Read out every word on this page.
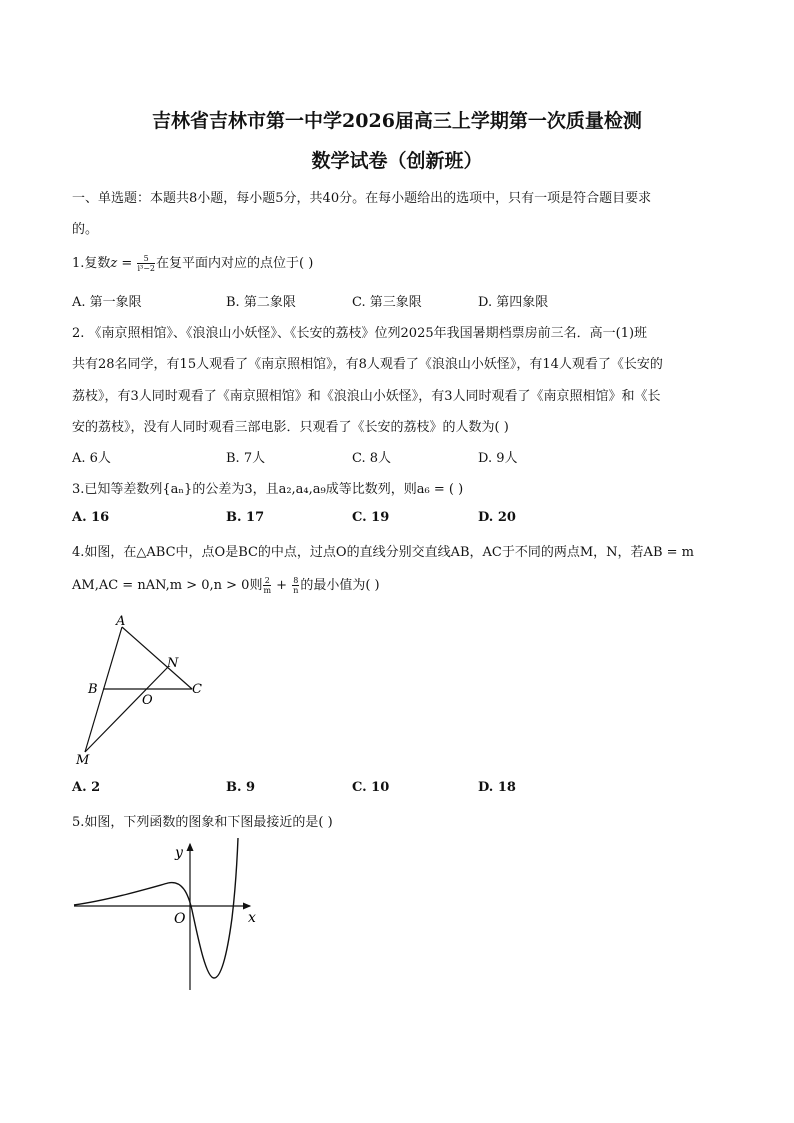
吉林省吉林市第一中学2026届高三上学期第一次质量检测
数学试卷（创新班）
一、单选题：本题共8小题，每小题5分，共40分。在每小题给出的选项中，只有一项是符合题目要求
的。
1.复数$z = \frac{5}{\text{i³−2}}$ 在复平面内对应的点位于( )
A. 第一象限	B. 第二象限	C. 第三象限	D. 第四象限
2. 《南京照相馆》、《浪浪山小妖怪》、《长安的荔枝》位列2025年我国暑期档票房前三名．高一(1)班
共有28名同学，有15人观看了《南京照相馆》，有8人观看了《浪浪山小妖怪》，有14人观看了《长安的
荔枝》，有3人同时观看了《南京照相馆》和《浪浪山小妖怪》，有3人同时观看了《南京照相馆》和《长
安的荔枝》，没有人同时观看三部电影．只观看了《长安的荔枝》的人数为( )
A. 6人	B. 7人	C. 8人	D. 9人
3.已知等差数列{aₙ}的公差为3，且a₂,a₄,a₉成等比数列，则a₆ = ( )
A. 16	B. 17	C. 19	D. 20
4.如图，在△ABC中，点O是BC的中点，过点O的直线分别交直线AB，AC于不同的两点M，N，若AB = m
AM,AC = nAN,m > 0,n > 0则 $\frac{2}{m} + \frac{8}{n}$ 的最小值为( )
A
N
B
O
C
M
A. 2	B. 9	C. 10	D. 18
5.如图，下列函数的图象和下图最接近的是( )
y
O	x
